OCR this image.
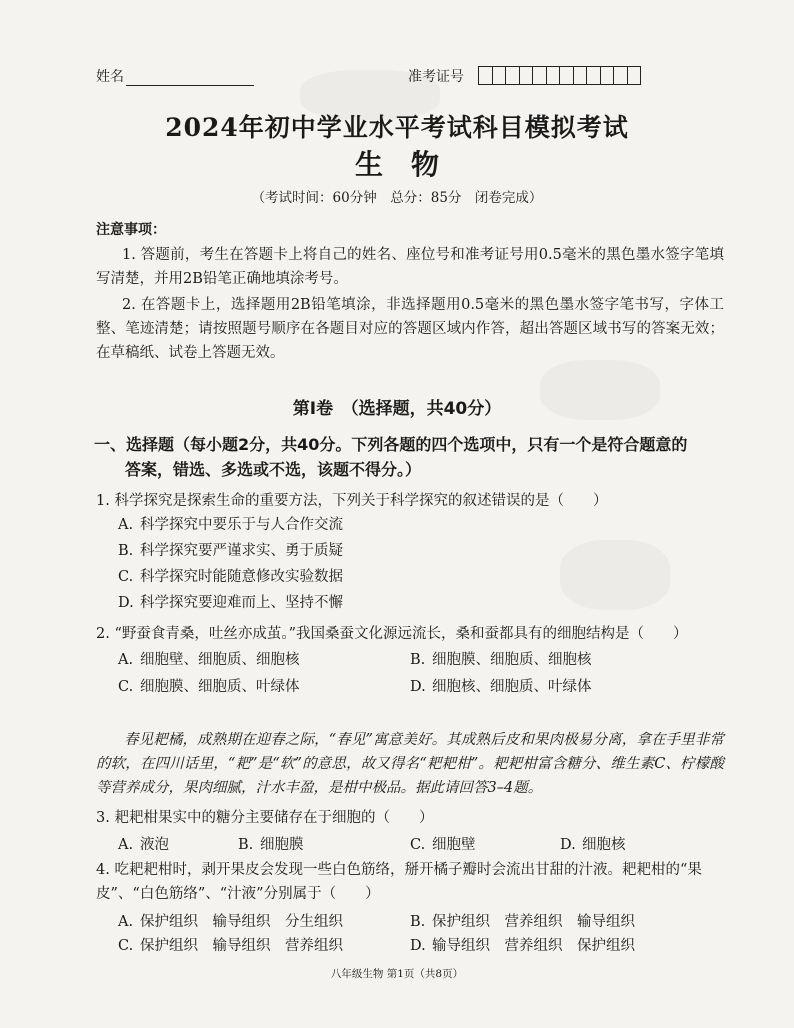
姓名	准考证号
2024年初中学业水平考试科目模拟考试
生物
（考试时间：60分钟　总分：85分　闭卷完成）
注意事项：
1. 答题前，考生在答题卡上将自己的姓名、座位号和准考证号用0.5毫米的黑色墨水签字笔填写清楚，并用2B铅笔正确地填涂考号。
2. 在答题卡上，选择题用2B铅笔填涂，非选择题用0.5毫米的黑色墨水签字笔书写，字体工整、笔迹清楚；请按照题号顺序在各题目对应的答题区域内作答，超出答题区域书写的答案无效；在草稿纸、试卷上答题无效。
第Ⅰ卷　（选择题，共40分）
一、选择题（每小题2分，共40分。下列各题的四个选项中，只有一个是符合题意的
答案，错选、多选或不选，该题不得分。）
1. 科学探究是探索生命的重要方法，下列关于科学探究的叙述错误的是（　　）
A. 科学探究中要乐于与人合作交流
B. 科学探究要严谨求实、勇于质疑
C. 科学探究时能随意修改实验数据
D. 科学探究要迎难而上、坚持不懈
2. “野蚕食青桑，吐丝亦成茧。”我国桑蚕文化源远流长，桑和蚕都具有的细胞结构是（　　）
A. 细胞壁、细胞质、细胞核	B. 细胞膜、细胞质、细胞核
C. 细胞膜、细胞质、叶绿体	D. 细胞核、细胞质、叶绿体
春见耙橘，成熟期在迎春之际，“春见”寓意美好。其成熟后皮和果肉极易分离，拿在手里非常的软，在四川话里，“耙”是“软”的意思，故又得名“耙耙柑”。耙耙柑富含糖分、维生素C、柠檬酸等营养成分，果肉细腻，汁水丰盈，是柑中极品。据此请回答3–4题。
3. 耙耙柑果实中的糖分主要储存在于细胞的（　　）
A. 液泡	B. 细胞膜	C. 细胞壁	D. 细胞核
4. 吃耙耙柑时，剥开果皮会发现一些白色筋络，掰开橘子瓣时会流出甘甜的汁液。耙耙柑的“果
皮”、“白色筋络”、“汁液”分别属于（　　）
A. 保护组织　输导组织　分生组织	B. 保护组织　营养组织　输导组织
C. 保护组织　输导组织　营养组织	D. 输导组织　营养组织　保护组织
八年级生物 第1页（共8页）
